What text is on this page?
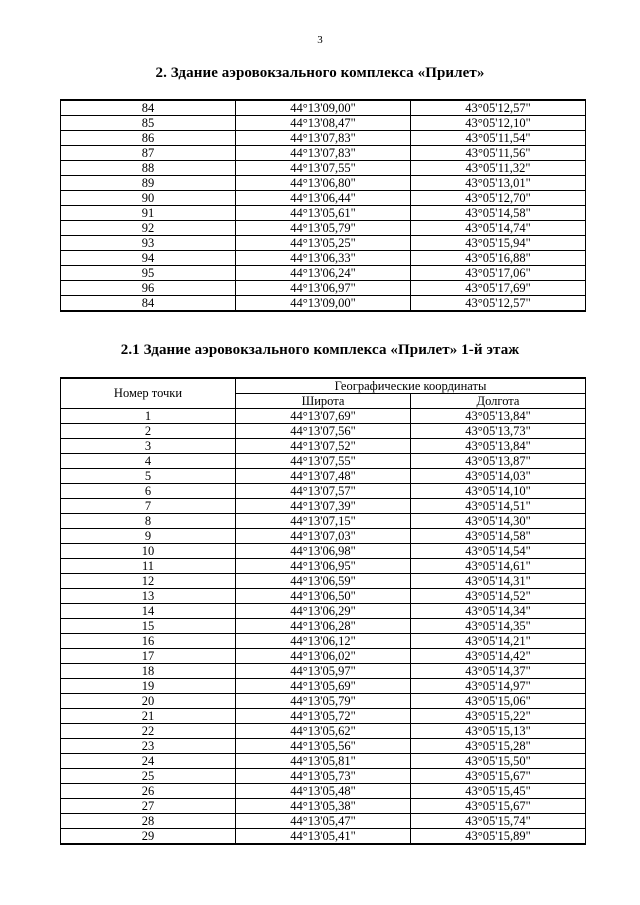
3
2. Здание аэровокзального комплекса «Прилет»
84	44°13'09,00"	43°05'12,57"
85	44°13'08,47"	43°05'12,10"
86	44°13'07,83"	43°05'11,54"
87	44°13'07,83"	43°05'11,56"
88	44°13'07,55"	43°05'11,32"
89	44°13'06,80"	43°05'13,01"
90	44°13'06,44"	43°05'12,70"
91	44°13'05,61"	43°05'14,58"
92	44°13'05,79"	43°05'14,74"
93	44°13'05,25"	43°05'15,94"
94	44°13'06,33"	43°05'16,88"
95	44°13'06,24"	43°05'17,06"
96	44°13'06,97"	43°05'17,69"
84	44°13'09,00"	43°05'12,57"
2.1 Здание аэровокзального комплекса «Прилет» 1-й этаж
Номер точки	Географические координаты	
	Широта	Долгота
1	44°13'07,69"	43°05'13,84"
2	44°13'07,56"	43°05'13,73"
3	44°13'07,52"	43°05'13,84"
4	44°13'07,55"	43°05'13,87"
5	44°13'07,48"	43°05'14,03"
6	44°13'07,57"	43°05'14,10"
7	44°13'07,39"	43°05'14,51"
8	44°13'07,15"	43°05'14,30"
9	44°13'07,03"	43°05'14,58"
10	44°13'06,98"	43°05'14,54"
11	44°13'06,95"	43°05'14,61"
12	44°13'06,59"	43°05'14,31"
13	44°13'06,50"	43°05'14,52"
14	44°13'06,29"	43°05'14,34"
15	44°13'06,28"	43°05'14,35"
16	44°13'06,12"	43°05'14,21"
17	44°13'06,02"	43°05'14,42"
18	44°13'05,97"	43°05'14,37"
19	44°13'05,69"	43°05'14,97"
20	44°13'05,79"	43°05'15,06"
21	44°13'05,72"	43°05'15,22"
22	44°13'05,62"	43°05'15,13"
23	44°13'05,56"	43°05'15,28"
24	44°13'05,81"	43°05'15,50"
25	44°13'05,73"	43°05'15,67"
26	44°13'05,48"	43°05'15,45"
27	44°13'05,38"	43°05'15,67"
28	44°13'05,47"	43°05'15,74"
29	44°13'05,41"	43°05'15,89"
